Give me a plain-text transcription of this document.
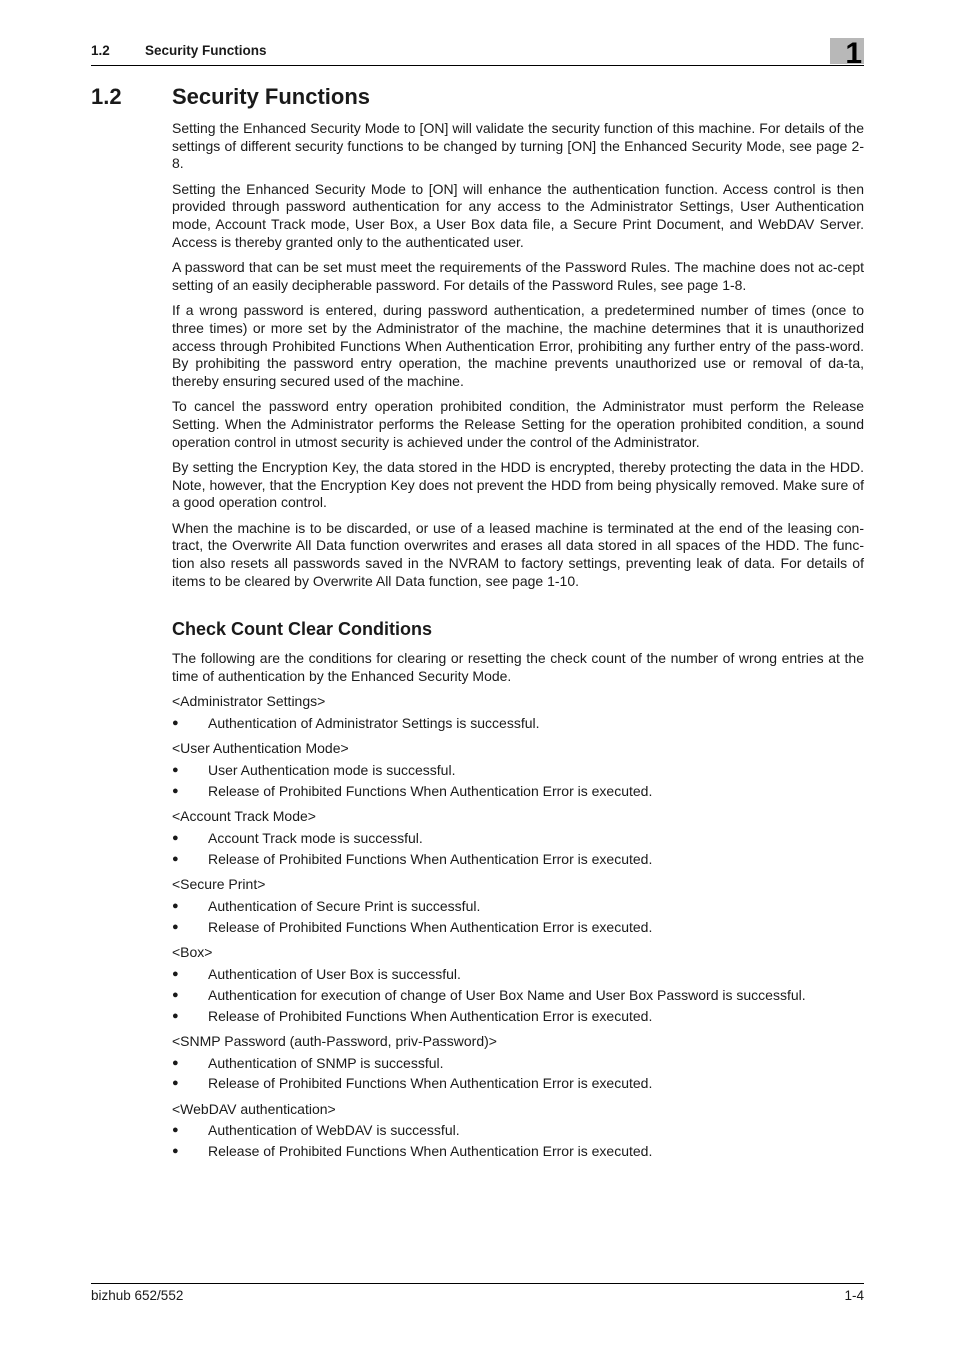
1.2	Security Functions	1
1.2 Security Functions

Setting the Enhanced Security Mode to [ON] will validate the security function of this machine. For details of the settings of different security functions to be changed by turning [ON] the Enhanced Security Mode, see page 2-8.

Setting the Enhanced Security Mode to [ON] will enhance the authentication function. Access control is then provided through password authentication for any access to the Administrator Settings, User Authentication mode, Account Track mode, User Box, a User Box data file, a Secure Print Document, and WebDAV Server. Access is thereby granted only to the authenticated user.

A password that can be set must meet the requirements of the Password Rules. The machine does not ac-cept setting of an easily decipherable password. For details of the Password Rules, see page 1-8.

If a wrong password is entered, during password authentication, a predetermined number of times (once to three times) or more set by the Administrator of the machine, the machine determines that it is unauthorized access through Prohibited Functions When Authentication Error, prohibiting any further entry of the pass-word. By prohibiting the password entry operation, the machine prevents unauthorized use or removal of da-ta, thereby ensuring secured used of the machine.

To cancel the password entry operation prohibited condition, the Administrator must perform the Release Setting. When the Administrator performs the Release Setting for the operation prohibited condition, a sound operation control in utmost security is achieved under the control of the Administrator.

By setting the Encryption Key, the data stored in the HDD is encrypted, thereby protecting the data in the HDD. Note, however, that the Encryption Key does not prevent the HDD from being physically removed. Make sure of a good operation control.

When the machine is to be discarded, or use of a leased machine is terminated at the end of the leasing con-tract, the Overwrite All Data function overwrites and erases all data stored in all spaces of the HDD. The func-tion also resets all passwords saved in the NVRAM to factory settings, preventing leak of data. For details of items to be cleared by Overwrite All Data function, see page 1-10.

Check Count Clear Conditions

The following are the conditions for clearing or resetting the check count of the number of wrong entries at the time of authentication by the Enhanced Security Mode.

<Administrator Settings>

● Authentication of Administrator Settings is successful.

<User Authentication Mode>

● User Authentication mode is successful.
● Release of Prohibited Functions When Authentication Error is executed.

<Account Track Mode>

● Account Track mode is successful.
● Release of Prohibited Functions When Authentication Error is executed.

<Secure Print>

● Authentication of Secure Print is successful.
● Release of Prohibited Functions When Authentication Error is executed.

<Box>

● Authentication of User Box is successful.
● Authentication for execution of change of User Box Name and User Box Password is successful.
● Release of Prohibited Functions When Authentication Error is executed.

<SNMP Password (auth-Password, priv-Password)>

● Authentication of SNMP is successful.
● Release of Prohibited Functions When Authentication Error is executed.

<WebDAV authentication>

● Authentication of WebDAV is successful.
● Release of Prohibited Functions When Authentication Error is executed.
bizhub 652/552	1-4
